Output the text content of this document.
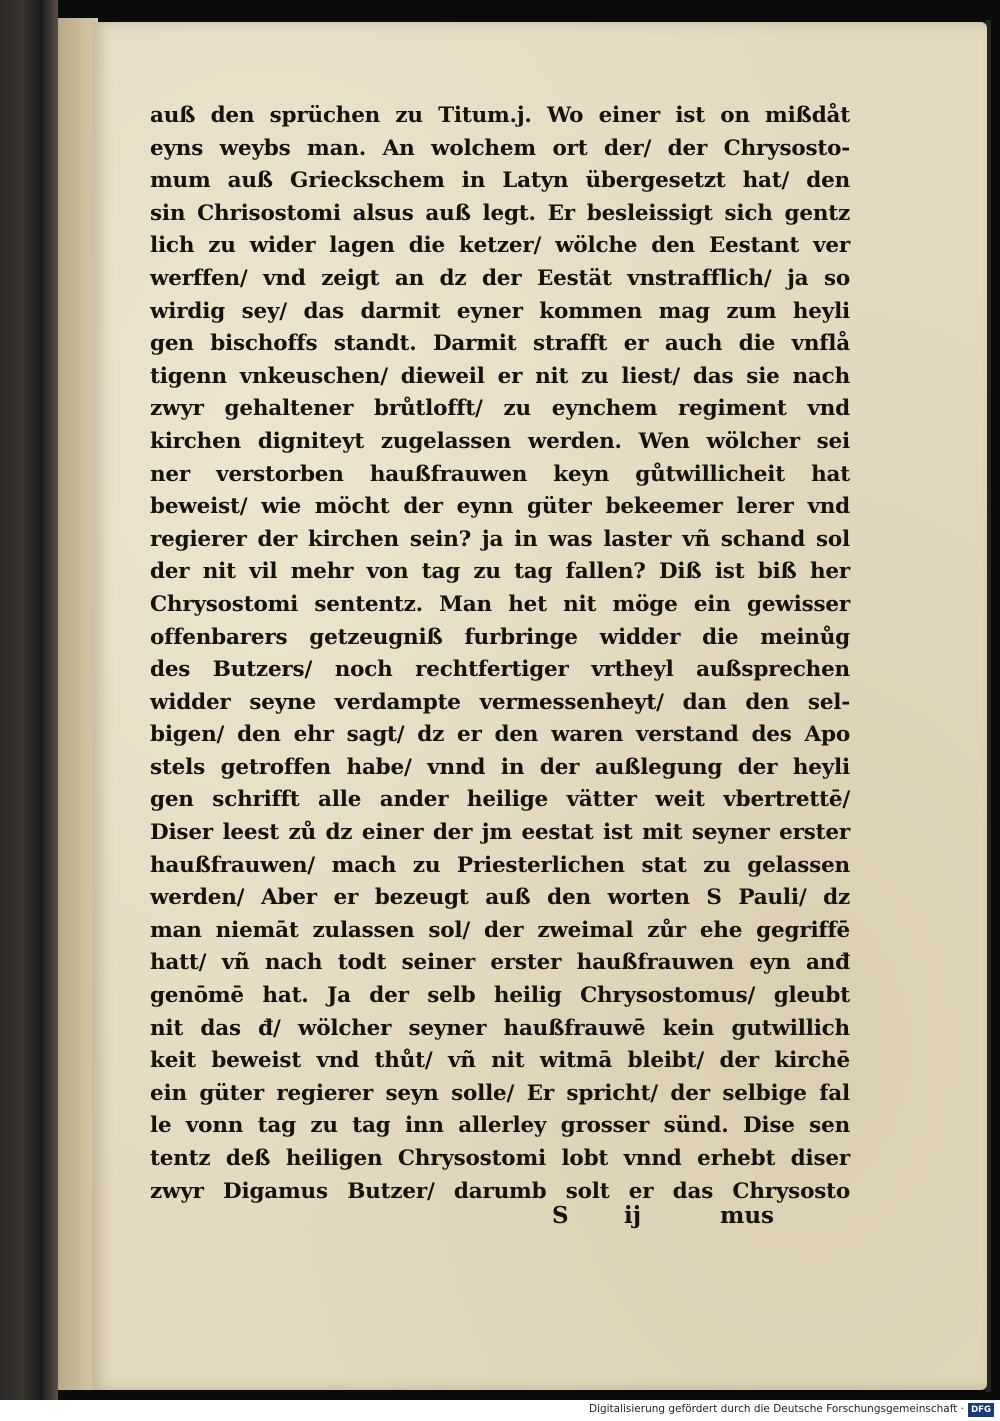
auß den sprüchen zu Titum.j. Wo einer ist on mißdåt
eyns weybs man. An wolchem ort der/ der Chrysosto-
mum auß Grieckschem in Latyn übergesetzt hat/ den
sin Chrisostomi alsus auß legt. Er besleissigt sich gentz
lich zu wider lagen die ketzer/ wölche den Eestant ver
werffen/ vnd zeigt an dz der Eestät vnstrafflich/ ja so
wirdig sey/ das darmit eyner kommen mag zum heyli
gen bischoffs standt. Darmit strafft er auch die vnflå
tigenn vnkeuschen/ dieweil er nit zu liest/ das sie nach
zwyr gehaltener brůtlofft/ zu eynchem regiment vnd
kirchen digniteyt zugelassen werden. Wen wölcher sei
ner verstorben haußfrauwen keyn gůtwillicheit hat
beweist/ wie möcht der eynn güter bekeemer lerer vnd
regierer der kirchen sein? ja in was laster vñ schand sol
der nit vil mehr von tag zu tag fallen? Diß ist biß her
Chrysostomi sententz. Man het nit möge ein gewisser
offenbarers getzeugniß furbringe widder die meinůg
des Butzers/ noch rechtfertiger vrtheyl außsprechen
widder seyne verdampte vermessenheyt/ dan den sel-
bigen/ den ehr sagt/ dz er den waren verstand des Apo
stels getroffen habe/ vnnd in der außlegung der heyli
gen schrifft alle ander heilige vätter weit vbertrettē/
Diser leest zů dz einer der jm eestat ist mit seyner erster
haußfrauwen/ mach zu Priesterlichen stat zu gelassen
werden/ Aber er bezeugt auß den worten S Pauli/ dz
man niemāt zulassen sol/ der zweimal zůr ehe gegriffē
hatt/ vñ nach todt seiner erster haußfrauwen eyn anđ
genōmē hat. Ja der selb heilig Chrysostomus/ gleubt
nit das đ/ wölcher seyner haußfrauwē kein gutwillich
keit beweist vnd thůt/ vñ nit witmā bleibt/ der kirchē
ein güter regierer seyn solle/ Er spricht/ der selbige fal
le vonn tag zu tag inn allerley grosser sünd. Dise sen
tentz deß heiligen Chrysostomi lobt vnnd erhebt diser
zwyr Digamus Butzer/ darumb solt er das Chrysosto
S ij	mus
Digitalisierung gefördert durch die Deutsche Forschungsgemeinschaft · DFG
